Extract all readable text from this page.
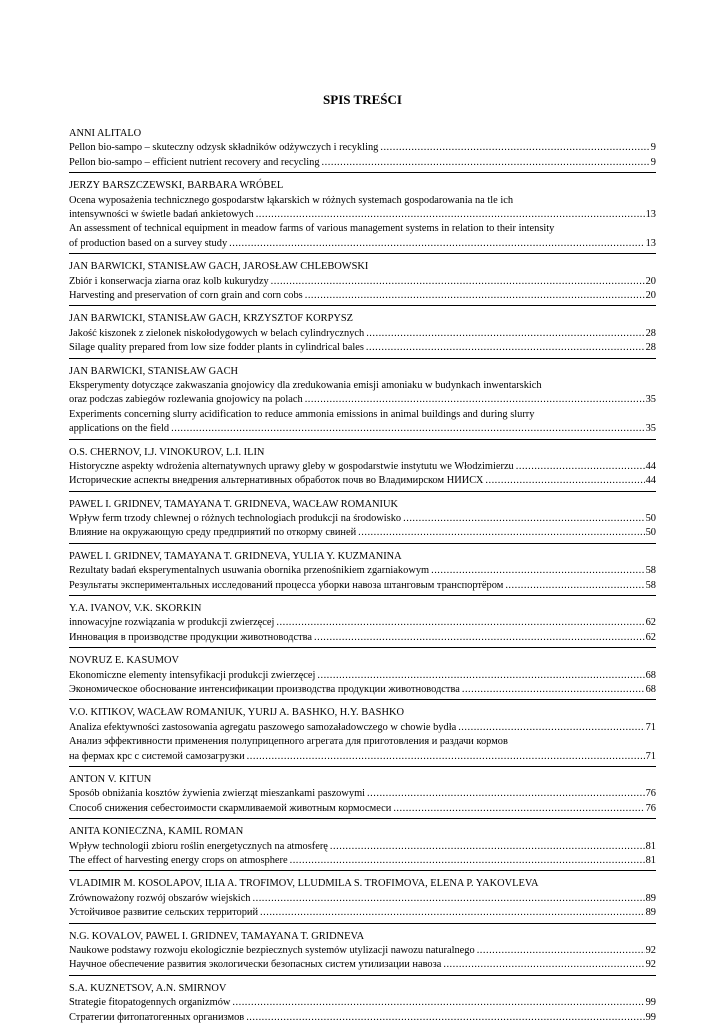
SPIS TREŚCI
ANNI ALITALO
Pellon bio-sampo – skuteczny odzysk składników odżywczych i recykling .....	9
Pellon bio-sampo – efficient nutrient recovery and recycling .....	9
JERZY BARSZCZEWSKI, BARBARA WRÓBEL
Ocena wyposażenia technicznego gospodarstw łąkarskich w różnych systemach gospodarowania na tle ich
intensywności w świetle badań ankietowych .....	13
An assessment of technical equipment in meadow farms of various management systems in relation to their intensity
of production based on a survey study .....	13
JAN BARWICKI, STANISŁAW GACH, JAROSŁAW CHLEBOWSKI
Zbiór i konserwacja ziarna oraz kolb kukurydzy .....	20
Harvesting and preservation of corn grain and corn cobs .....	20
JAN BARWICKI, STANISŁAW GACH, KRZYSZTOF KORPYSZ
Jakość kiszonek z zielonek niskołodygowych w belach cylindrycznych .....	28
Silage quality prepared from low size fodder plants in cylindrical bales .....	28
JAN BARWICKI, STANISŁAW GACH
Eksperymenty dotyczące zakwaszania gnojowicy dla zredukowania emisji amoniaku w budynkach inwentarskich
oraz podczas zabiegów rozlewania gnojowicy na polach .....	35
Experiments concerning slurry acidification to reduce ammonia emissions in animal buildings and during slurry
applications on the field .....	35
O.S. CHERNOV, I.J. VINOKUROV, L.I. ILIN
Historyczne aspekty wdrożenia alternatywnych uprawy gleby w gospodarstwie instytutu we Włodzimierzu .....	44
Исторические аспекты внедрения альтернативных обработок почв во Владимирском НИИСХ .....	44
PAWEL I. GRIDNEV, TAMAYANA T. GRIDNEVA, WACŁAW ROMANIUK
Wpływ ferm trzody chlewnej o różnych technologiach produkcji na środowisko .....	50
Влияние на окружающую среду предприятий по откорму свиней .....	50
PAWEL I. GRIDNEV, TAMAYANA T. GRIDNEVA, YULIA Y. KUZMANINA
Rezultaty badań eksperymentalnych usuwania obornika przenośnikiem zgarniakowym .....	58
Результаты экспериментальных исследований процесса уборки навоза штанговым транспортёром .....	58
Y.A. IVANOV, V.K. SKORKIN
innowacyjne rozwiązania w produkcji zwierzęcej .....	62
Инновация в производстве продукции животноводства .....	62
NOVRUZ E. KASUMOV
Ekonomiczne elementy intensyfikacji produkcji zwierzęcej .....	68
Экономическое обоснование интенсификации производства продукции животноводства .....	68
V.O. KITIKOV, WACŁAW ROMANIUK, YURIJ A. BASHKO, H.Y. BASHKO
Analiza efektywności zastosowania agregatu paszowego samozaładowczego w chowie bydła .....	71
Анализ эффективности применения полуприцепного агрегата для приготовления и раздачи кормов
на фермах крс с системой самозагрузки .....	71
ANTON V. KITUN
Sposób obniżania kosztów żywienia zwierząt mieszankami paszowymi .....	76
Способ снижения себестоимости скармливаемой животным кормосмеси .....	76
ANITA KONIECZNA, KAMIL ROMAN
Wpływ technologii zbioru roślin energetycznych na atmosferę .....	81
The effect of harvesting energy crops on atmosphere .....	81
VLADIMIR M. KOSOLAPOV, ILIA A. TROFIMOV, LLUDMILA S. TROFIMOVA, ELENA P. YAKOVLEVA
Zrównoważony rozwój obszarów wiejskich .....	89
Устойчивое развитие сельских территорий .....	89
N.G. KOVALOV, PAWEL I. GRIDNEV, TAMAYANA T. GRIDNEVA
Naukowe podstawy rozwoju ekologicznie bezpiecznych systemów utylizacji nawozu naturalnego .....	92
Научное обеспечение развития экологически безопасных систем утилизации навоза .....	92
S.A. KUZNETSOV, A.N. SMIRNOV
Strategie fitopatogennych organizmów .....	99
Стратегии фитопатогенных организмов .....	99
